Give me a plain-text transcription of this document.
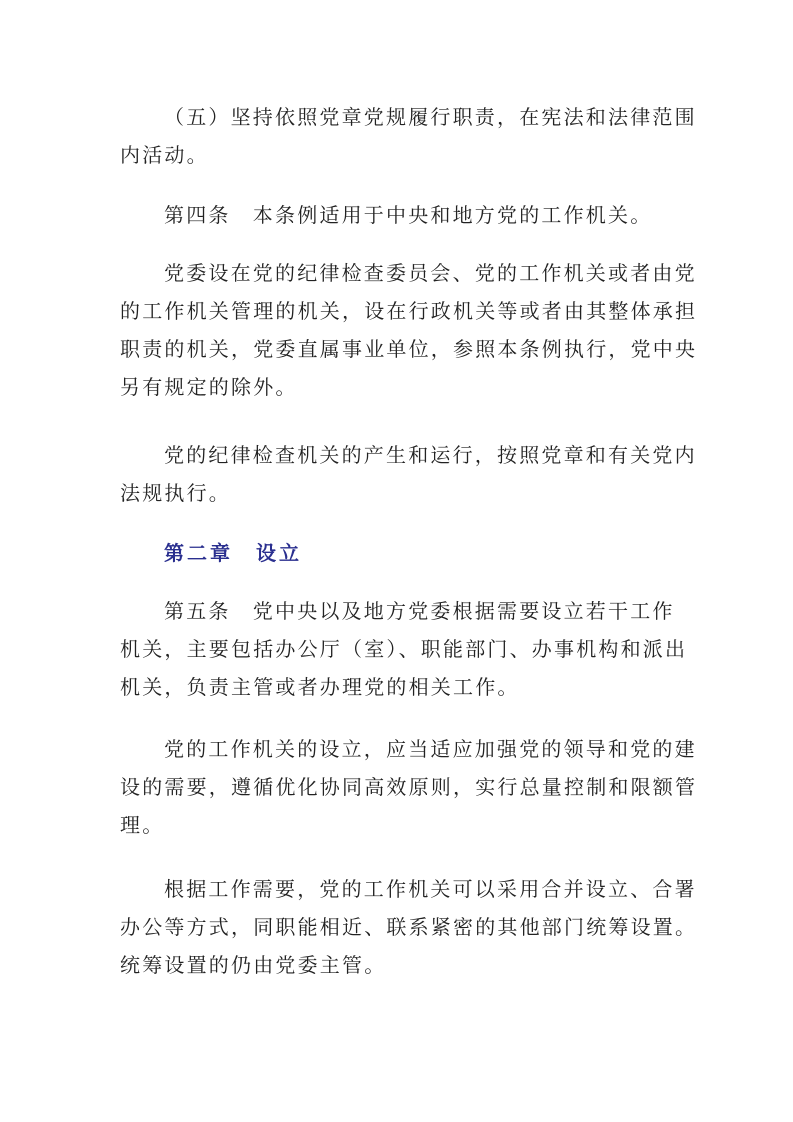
（五）坚持依照党章党规履行职责，在宪法和法律范围
内活动。

第四条　本条例适用于中央和地方党的工作机关。

党委设在党的纪律检查委员会、党的工作机关或者由党
的工作机关管理的机关，设在行政机关等或者由其整体承担
职责的机关，党委直属事业单位，参照本条例执行，党中央
另有规定的除外。

党的纪律检查机关的产生和运行，按照党章和有关党内
法规执行。

第二章　设立

第五条　党中央以及地方党委根据需要设立若干工作
机关，主要包括办公厅（室）、职能部门、办事机构和派出
机关，负责主管或者办理党的相关工作。

党的工作机关的设立，应当适应加强党的领导和党的建
设的需要，遵循优化协同高效原则，实行总量控制和限额管
理。

根据工作需要，党的工作机关可以采用合并设立、合署
办公等方式，同职能相近、联系紧密的其他部门统筹设置。
统筹设置的仍由党委主管。
